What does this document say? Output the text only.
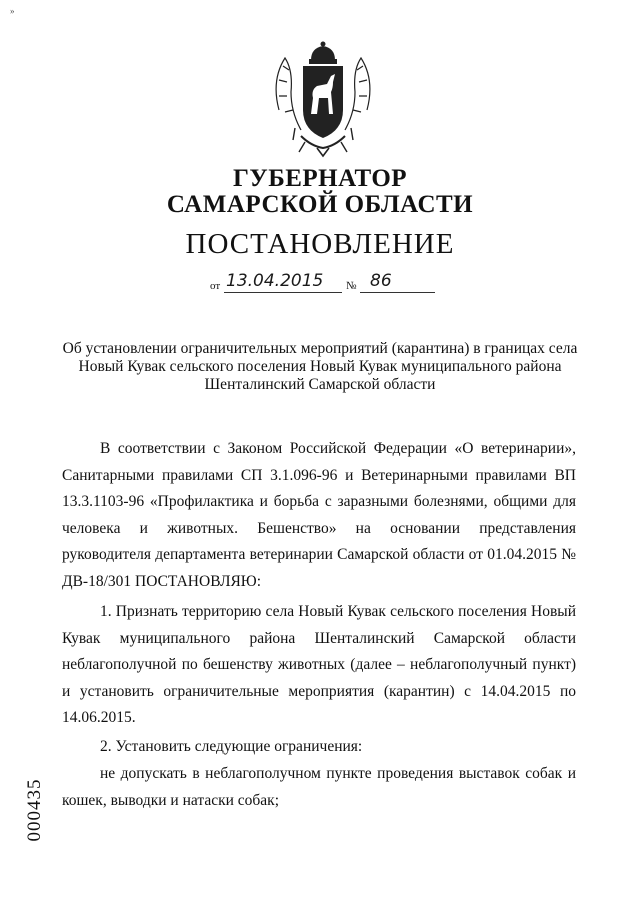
»
ГУБЕРНАТОР
САМАРСКОЙ ОБЛАСТИ
ПОСТАНОВЛЕНИЕ
от 13.04.2015 № 86
Об установлении ограничительных мероприятий (карантина) в границах села Новый Кувак сельского поселения Новый Кувак муниципального района Шенталинский Самарской области
В соответствии с Законом Российской Федерации «О ветеринарии», Санитарными правилами СП 3.1.096-96 и Ветеринарными правилами ВП 13.3.1103-96 «Профилактика и борьба с заразными болезнями, общими для человека и животных. Бешенство» на основании представления руководителя департамента ветеринарии Самарской области от 01.04.2015 № ДВ-18/301 ПОСТАНОВЛЯЮ:
1. Признать территорию села Новый Кувак сельского поселения Новый Кувак муниципального района Шенталинский Самарской области неблагополучной по бешенству животных (далее – неблагополучный пункт) и установить ограничительные мероприятия (карантин) с 14.04.2015 по 14.06.2015.
2. Установить следующие ограничения:
не допускать в неблагополучном пункте проведения выставок собак и кошек, выводки и натаски собак;
000435
